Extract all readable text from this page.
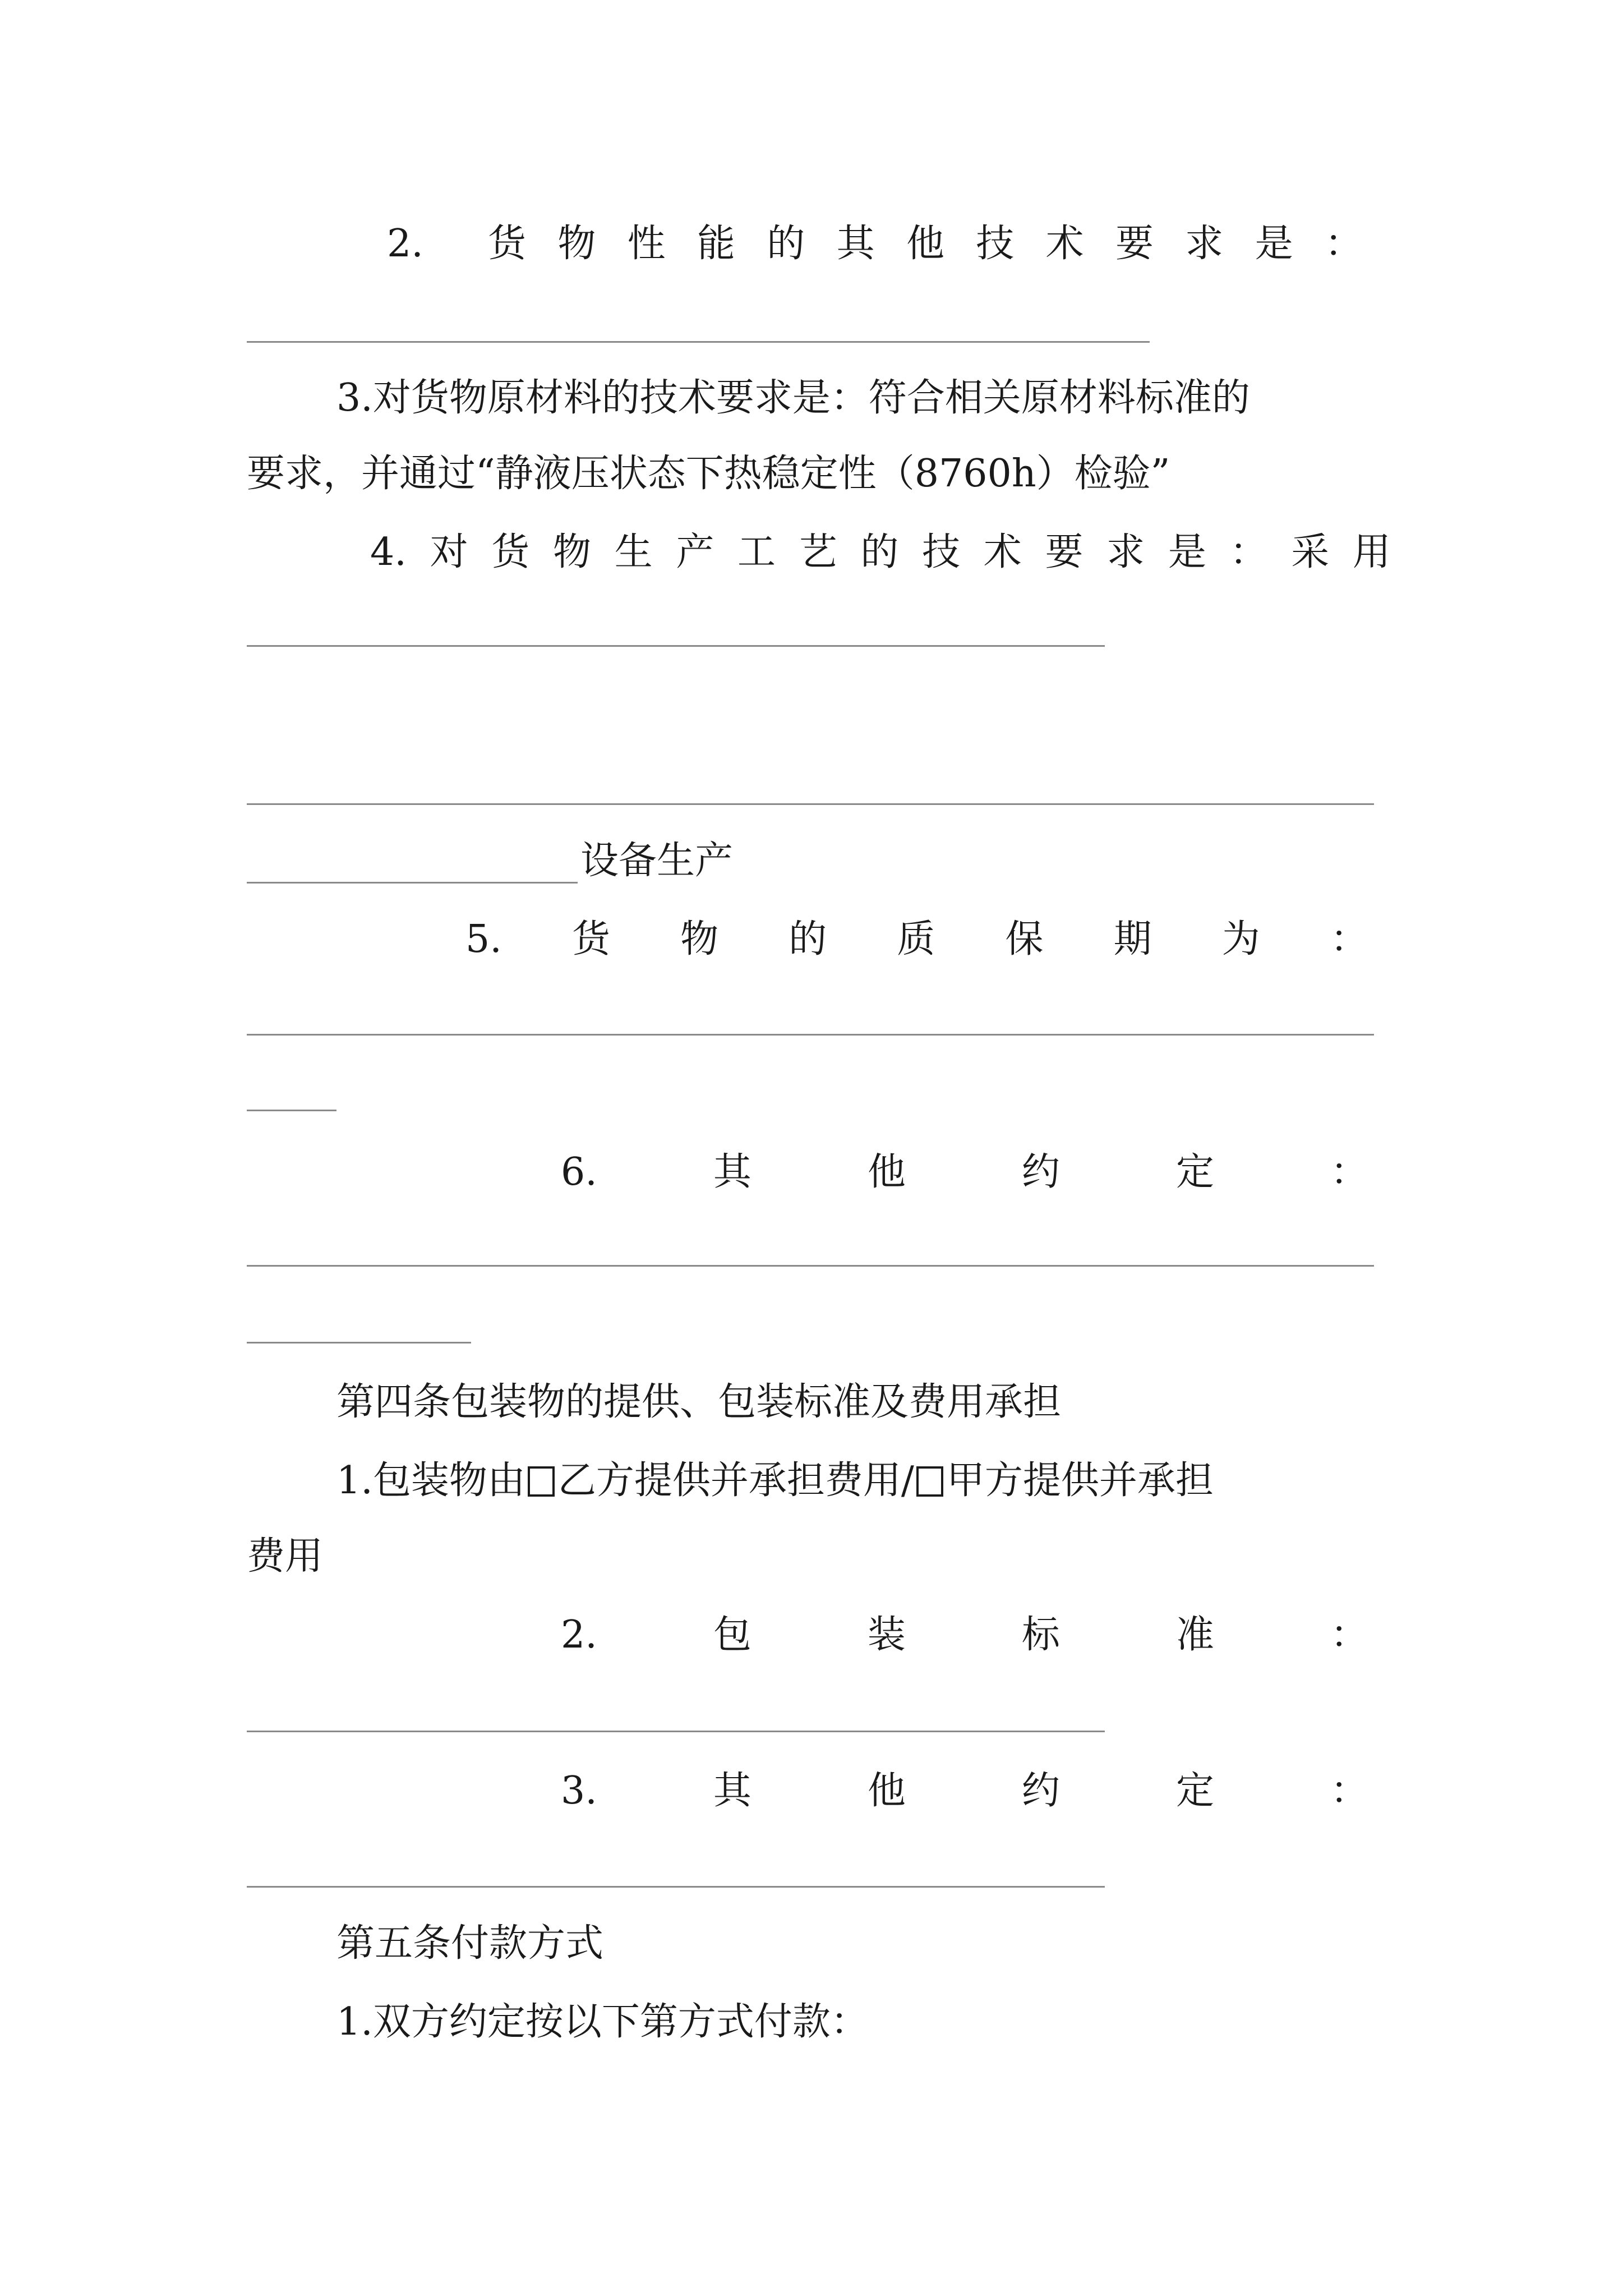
2. 货 物 性 能 的 其 他 技 术 要 求 是 ：
3.对货物原材料的技术要求是：符合相关原材料标准的
要求，并通过“静液压状态下热稳定性（8760h）检验”
4. 对 货 物 生 产 工 艺 的 技 术 要 求 是 ： 采 用
设备生产
5. 货 物 的 质 保 期 为 ：
6.	其	他	约	定	：
第四条包装物的提供、包装标准及费用承担
1.包装物由 乙方提供并承担费用/ 甲方提供并承担
费用
2.	包	装	标	准	：
3.	其	他	约	定	：
第五条付款方式
1.双方约定按以下第方式付款：
